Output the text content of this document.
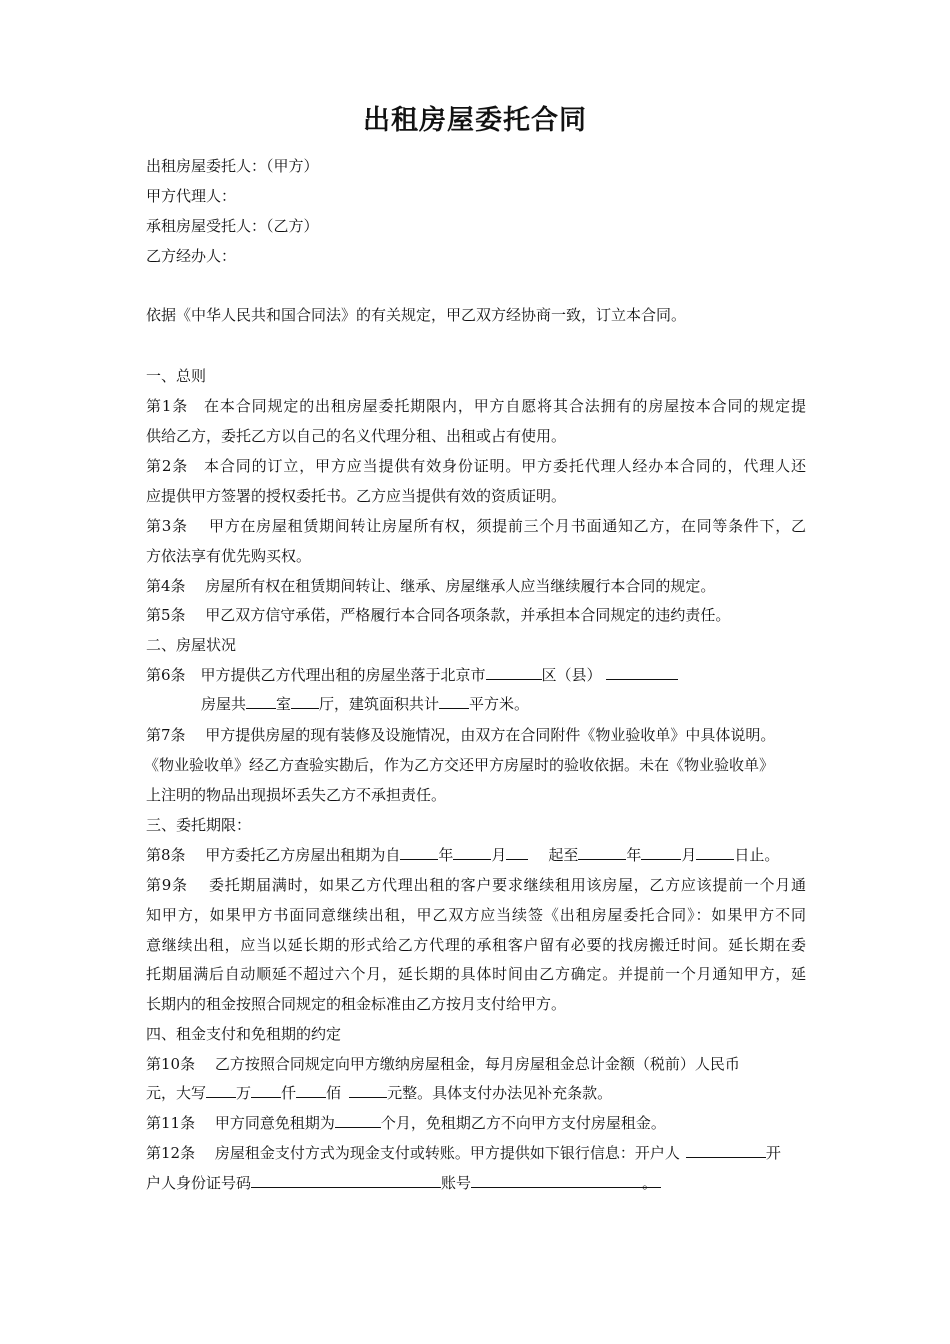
出租房屋委托合同
出租房屋委托人：（甲方）
甲方代理人：
承租房屋受托人：（乙方）
乙方经办人：
依据《中华人民共和国合同法》的有关规定，甲乙双方经协商一致，订立本合同。
一、总则
第1条　在本合同规定的出租房屋委托期限内，甲方自愿将其合法拥有的房屋按本合同的规定提
供给乙方，委托乙方以自己的名义代理分租、出租或占有使用。
第2条　本合同的订立，甲方应当提供有效身份证明。甲方委托代理人经办本合同的，代理人还
应提供甲方签署的授权委托书。乙方应当提供有效的资质证明。
第3条　 甲方在房屋租赁期间转让房屋所有权，须提前三个月书面通知乙方，在同等条件下，乙
方依法享有优先购买权。
第4条　 房屋所有权在租赁期间转让、继承、房屋继承人应当继续履行本合同的规定。
第5条　 甲乙双方信守承偌，严格履行本合同各项条款，并承担本合同规定的违约责任。
二、房屋状况
第6条　甲方提供乙方代理出租的房屋坐落于北京市	区（县）
房屋共 室 厅，建筑面积共计 平方米。
第7条　 甲方提供房屋的现有装修及设施情况，由双方在合同附件《物业验收单》中具体说明。
《物业验收单》经乙方查验实勘后，作为乙方交还甲方房屋时的验收依据。未在《物业验收单》
上注明的物品出现损坏丢失乙方不承担责任。
三、委托期限：
第8条　 甲方委托乙方房屋出租期为自	年	月	起至	年	月	日止。
第9条　 委托期届满时，如果乙方代理出租的客户要求继续租用该房屋，乙方应该提前一个月通
知甲方，如果甲方书面同意继续出租，甲乙双方应当续签《出租房屋委托合同》：如果甲方不同
意继续出租，应当以延长期的形式给乙方代理的承租客户留有必要的找房搬迁时间。延长期在委
托期届满后自动顺延不超过六个月，延长期的具体时间由乙方确定。并提前一个月通知甲方，延
长期内的租金按照合同规定的租金标准由乙方按月支付给甲方。
四、租金支付和免租期的约定
第10条　 乙方按照合同规定向甲方缴纳房屋租金，每月房屋租金总计金额（税前）人民币
元，大写 万 仟 佰	元整。具体支付办法见补充条款。
第11条　 甲方同意免租期为	个月，免租期乙方不向甲方支付房屋租金。
第12条　 房屋租金支付方式为现金支付或转账。甲方提供如下银行信息：开户人	开
户人身份证号码	账号	。
